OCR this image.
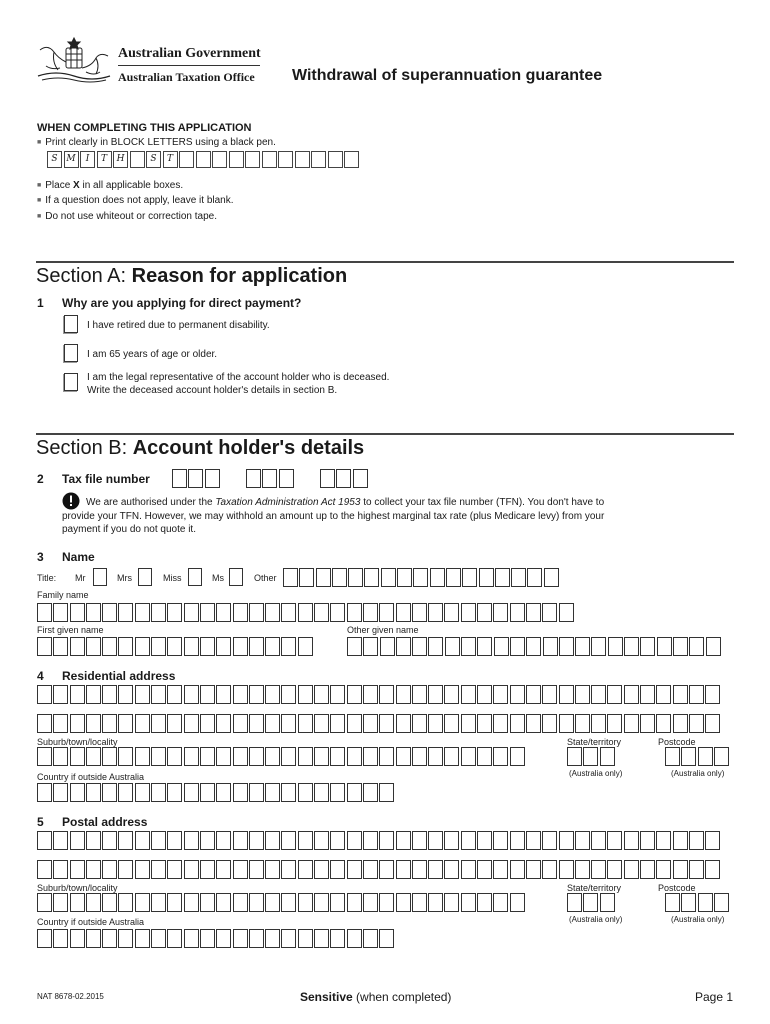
Australian Government
Australian Taxation Office Withdrawal of superannuation guarantee
WHEN COMPLETING THIS APPLICATION
■ Print clearly in BLOCK LETTERS using a black pen.
S M	I	T	H	S	T
■ Place X in all applicable boxes.
■ If a question does not apply, leave it blank.
■ Do not use whiteout or correction tape.
Section A: Reason for application
1 Why are you applying for direct payment?
I have retired due to permanent disability.
I am 65 years of age or older.
I am the legal representative of the account holder who is deceased.
Write the deceased account holder's details in section B.
Section B: Account holder's details
2 Tax file number
We are authorised under the Taxation Administration Act 1953 to collect your tax file number (TFN). You don't have to
provide your TFN. However, we may withhold an amount up to the highest marginal tax rate (plus Medicare levy) from your
payment if you do not quote it.
3 Name
Title: Mr	Mrs	Miss	Ms	Other
Family name
First given name	Other given name
4 Residential address
Suburb/town/locality	State/territory	Postcode
(Australia only)	(Australia only)
Country if outside Australia
5 Postal address
Suburb/town/locality	State/territory	Postcode
(Australia only)	(Australia only)
Country if outside Australia
NAT 8678-02.2015	Sensitive (when completed)	Page 1
